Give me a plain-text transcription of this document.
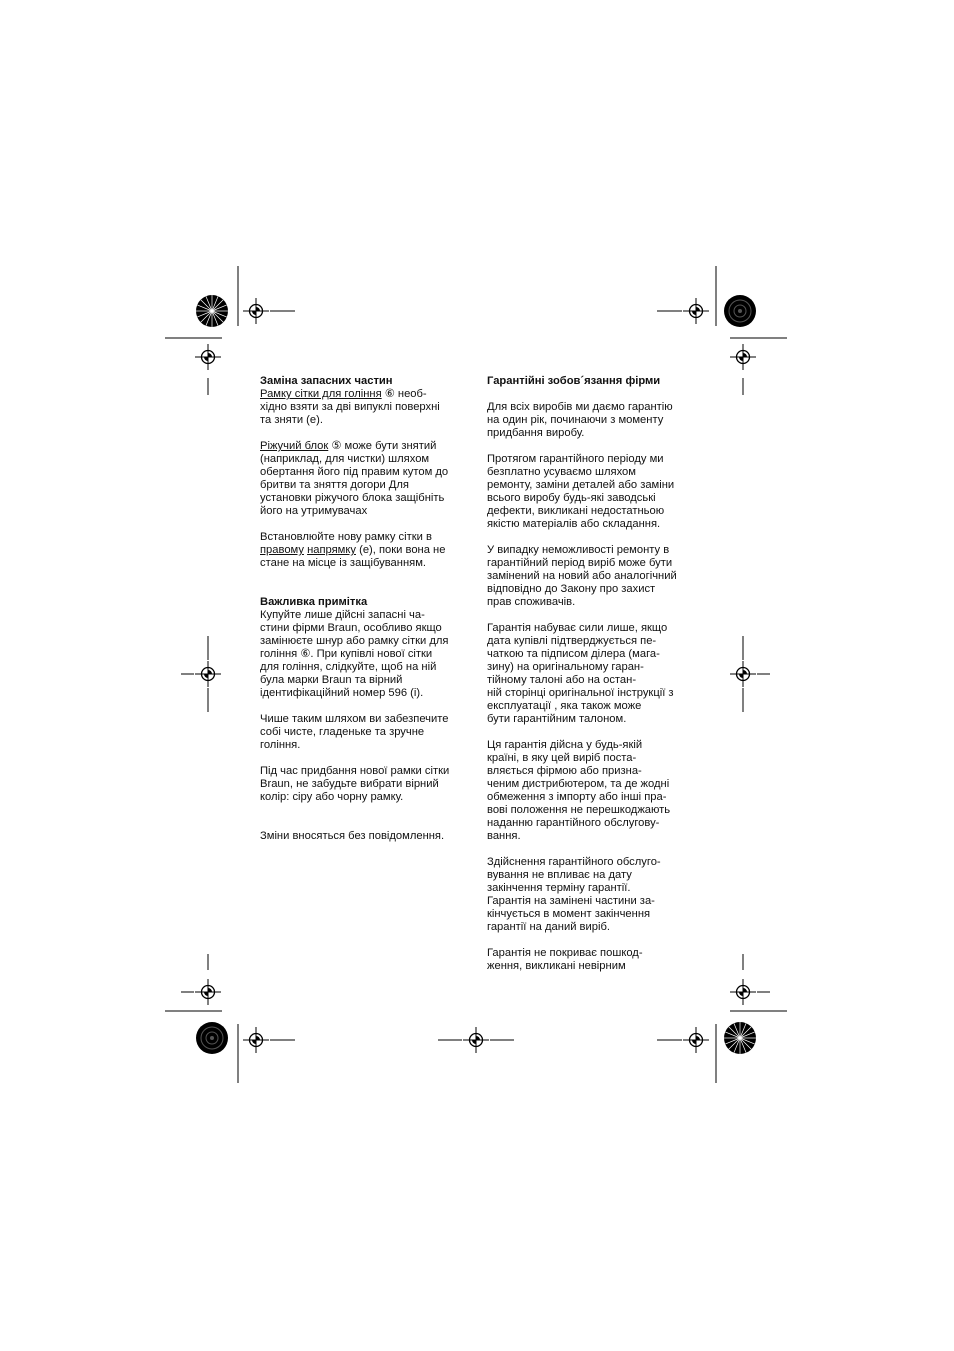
Заміна запасних частин

Рамку сітки для гоління ⑥ необ-
хідно взяти за дві випуклі поверхні
та зняти (e).

Ріжучий блок ⑤ може бути знятий
(наприклад, для чистки) шляхом
обертання його під правим кутом до
бритви та зняття догори Для
установки ріжучого блока защібніть
його на утримувачах

Встановлюйте нову рамку сітки в
правому напрямку (e), поки вона не
стане на місце із защібуванням.

Важливка примітка

Купуйте лише дійсні запасні ча-
стини фірми Braun, особливо якщо
замінюєте шнур або рамку сітки для
гоління ⑥. При купівлі нової сітки
для гоління, слідкуйте, щоб на ній
була марки Braun та вірний
ідентифікаційний номер 596 (i).

Чише таким шляхом ви забезпечите
собі чисте, гладеньке та зручне
гоління.

Під час придбання нової рамки сітки
Braun, не забудьте вибрати вірний
колір: сіру або чорну рамку.

Зміни вносяться без повідомлення.

Гарантійні зобов´язання фірми

Для всіх виробів ми даємо гарантію
на один рік, починаючи з моменту
придбання виробу.

Протягом гарантійного періоду ми
безплатно усуваємо шляхом
ремонту, заміни деталей або заміни
всього виробу будь-які заводські
дефекти, викликані недостатньою
якістю матеріалів або складання.

У випадку неможливості ремонту в
гарантійний період виріб може бути
замінений на новий або аналогічний
відповідно до Закону про захист
прав споживачів.

Гарантія набуває сили лише, якщо
дата купівлі підтверджується пе-
чаткою та підписом ділера (мага-
зину) на оригінальному гаран-
тійному талоні або на остан-
ній сторінці оригінальної інструкції з
експлуатації , яка також може
бути гарантійним талоном.

Ця гарантія дійсна у будь-якій
країні, в яку цей виріб поста-
вляється фірмою або призна-
ченим дистрибютером, та де жодні
обмеження з імпорту або інші пра-
вові положення не перешкоджають
наданню гарантійного обслугову-
вання.

Здійснення гарантійного обслуго-
вування не впливає на дату
закінчення терміну гарантії.
Гарантія на замінені частини за-
кінчується в момент закінчення
гарантії на даний виріб.

Гарантія не покриває пошкод-
ження, викликані невірним
